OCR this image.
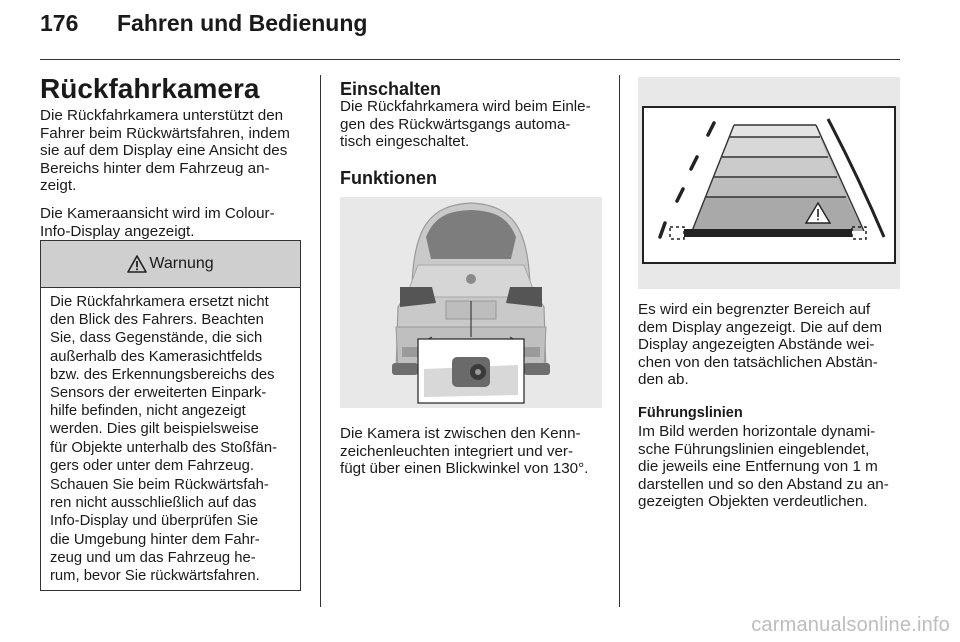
176 Fahren und Bedienung
Rückfahrkamera
Die Rückfahrkamera unterstützt den
Fahrer beim Rückwärtsfahren, indem
sie auf dem Display eine Ansicht des
Bereichs hinter dem Fahrzeug an-
zeigt.
Die Kameraansicht wird im Colour-
Info-Display angezeigt.
Warnung
Die Rückfahrkamera ersetzt nicht
den Blick des Fahrers. Beachten
Sie, dass Gegenstände, die sich
außerhalb des Kamerasichtfelds
bzw. des Erkennungsbereichs des
Sensors der erweiterten Einpark-
hilfe befinden, nicht angezeigt
werden. Dies gilt beispielsweise
für Objekte unterhalb des Stoßfän-
gers oder unter dem Fahrzeug.
Schauen Sie beim Rückwärtsfah-
ren nicht ausschließlich auf das
Info-Display und überprüfen Sie
die Umgebung hinter dem Fahr-
zeug und um das Fahrzeug he-
rum, bevor Sie rückwärtsfahren.
Einschalten
Die Rückfahrkamera wird beim Einle-
gen des Rückwärtsgangs automa-
tisch eingeschaltet.
Funktionen
Die Kamera ist zwischen den Kenn-
zeichenleuchten integriert und ver-
fügt über einen Blickwinkel von 130°.
Es wird ein begrenzter Bereich auf
dem Display angezeigt. Die auf dem
Display angezeigten Abstände wei-
chen von den tatsächlichen Abstän-
den ab.
Führungslinien
Im Bild werden horizontale dynami-
sche Führungslinien eingeblendet,
die jeweils eine Entfernung von 1 m
darstellen und so den Abstand zu an-
gezeigten Objekten verdeutlichen.
carmanualsonline.info
